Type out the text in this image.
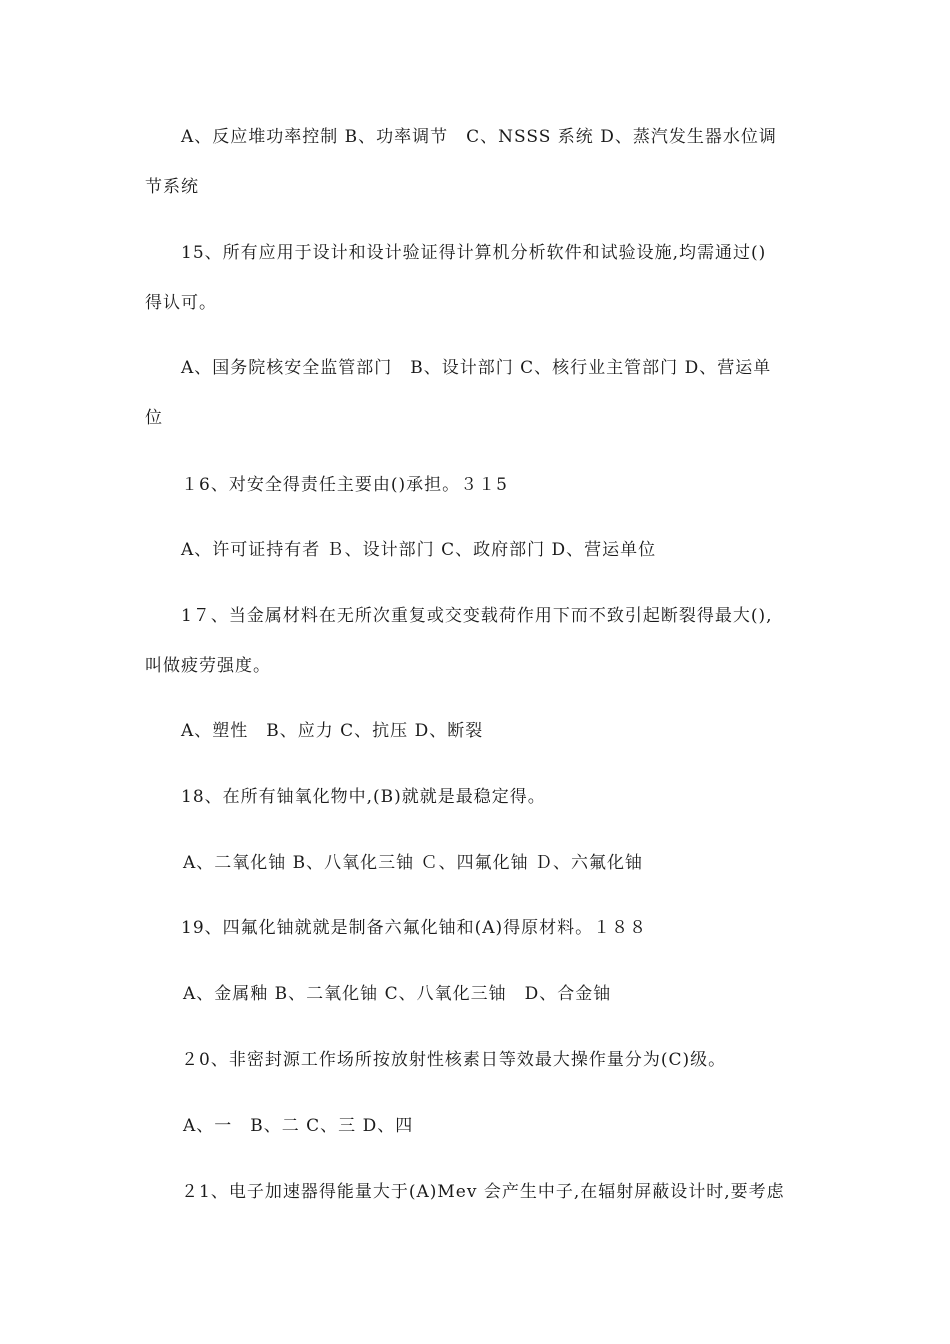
A、反应堆功率控制 B、功率调节　C、NSSS 系统 D、蒸汽发生器水位调
节系统
15、所有应用于设计和设计验证得计算机分析软件和试验设施,均需通过()
得认可。
A、国务院核安全监管部门　B、设计部门 C、核行业主管部门 D、营运单
位
１6、对安全得责任主要由()承担。３１5
A、许可证持有者 Ｂ、设计部门 C、政府部门 D、营运单位
1７、当金属材料在无所次重复或交变载荷作用下而不致引起断裂得最大(),
叫做疲劳强度。
A、塑性　B、应力 C、抗压 D、断裂
18、在所有铀氧化物中,(B)就就是最稳定得。
A、二氧化铀 B、八氧化三铀 Ｃ、四氟化铀 Ｄ、六氟化铀
19、四氟化铀就就是制备六氟化铀和(A)得原材料。１８８
A、金属釉 B、二氧化铀 C、八氧化三铀　D、合金铀
２0、非密封源工作场所按放射性核素日等效最大操作量分为(C)级。
A、一　B、二 C、三 D、四
２1、电子加速器得能量大于(A)Mev 会产生中子,在辐射屏蔽设计时,要考虑
